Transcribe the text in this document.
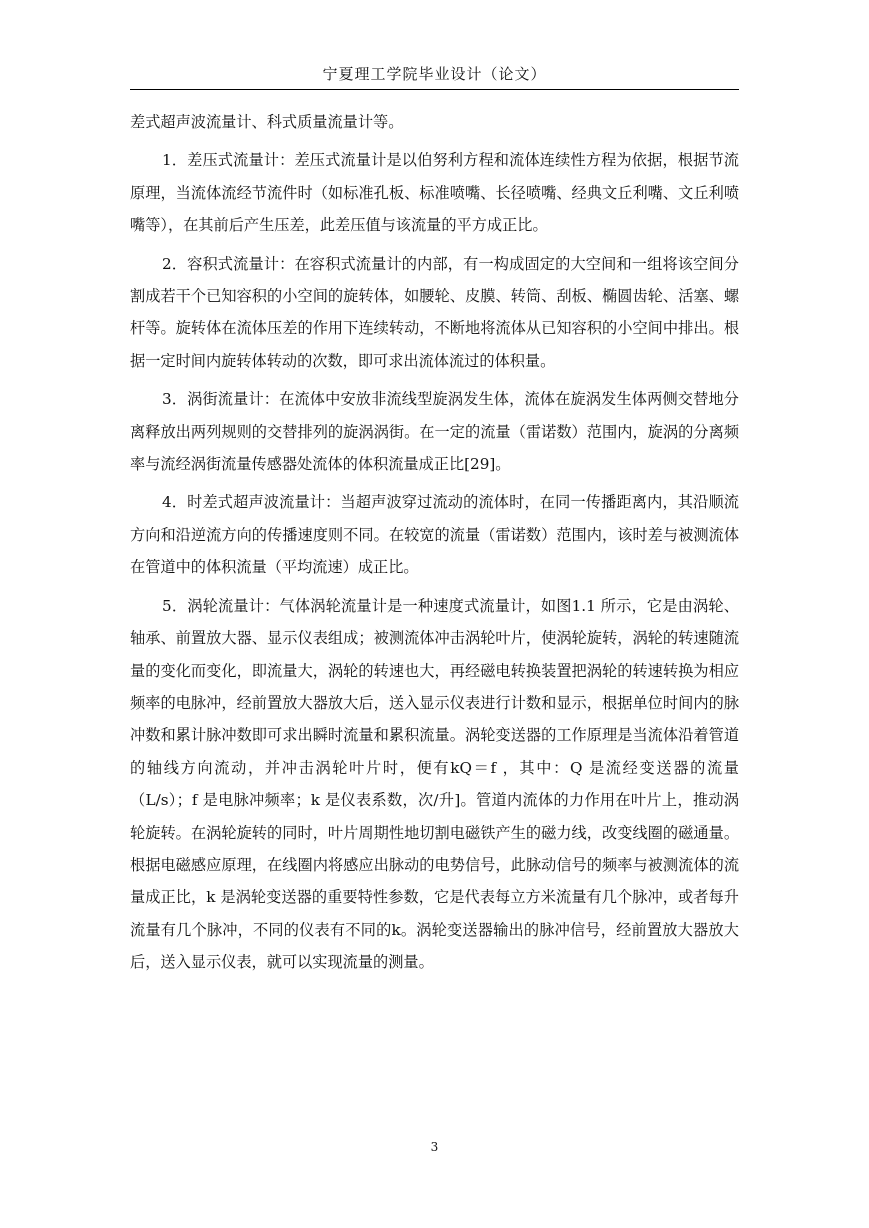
宁夏理工学院毕业设计（论文）

差式超声波流量计、科式质量流量计等。

1．差压式流量计：差压式流量计是以伯努利方程和流体连续性方程为依据，根据节流原理，当流体流经节流件时（如标准孔板、标准喷嘴、长径喷嘴、经典文丘利嘴、文丘利喷嘴等），在其前后产生压差，此差压值与该流量的平方成正比。

2．容积式流量计：在容积式流量计的内部，有一构成固定的大空间和一组将该空间分割成若干个已知容积的小空间的旋转体，如腰轮、皮膜、转筒、刮板、椭圆齿轮、活塞、螺杆等。旋转体在流体压差的作用下连续转动，不断地将流体从已知容积的小空间中排出。根据一定时间内旋转体转动的次数，即可求出流体流过的体积量。

3．涡街流量计：在流体中安放非流线型旋涡发生体，流体在旋涡发生体两侧交替地分离释放出两列规则的交替排列的旋涡涡街。在一定的流量（雷诺数）范围内，旋涡的分离频率与流经涡街流量传感器处流体的体积流量成正比[29]。

4．时差式超声波流量计：当超声波穿过流动的流体时，在同一传播距离内，其沿顺流方向和沿逆流方向的传播速度则不同。在较宽的流量（雷诺数）范围内，该时差与被测流体在管道中的体积流量（平均流速）成正比。

5．涡轮流量计：气体涡轮流量计是一种速度式流量计，如图1.1 所示，它是由涡轮、轴承、前置放大器、显示仪表组成；被测流体冲击涡轮叶片，使涡轮旋转，涡轮的转速随流量的变化而变化，即流量大，涡轮的转速也大，再经磁电转换装置把涡轮的转速转换为相应频率的电脉冲，经前置放大器放大后，送入显示仪表进行计数和显示，根据单位时间内的脉冲数和累计脉冲数即可求出瞬时流量和累积流量。涡轮变送器的工作原理是当流体沿着管道的轴线方向流动，并冲击涡轮叶片时，便有kQ＝f ，其中：Q 是流经变送器的流量（L/s）；f 是电脉冲频率；k 是仪表系数，次/升]。管道内流体的力作用在叶片上，推动涡轮旋转。在涡轮旋转的同时，叶片周期性地切割电磁铁产生的磁力线，改变线圈的磁通量。根据电磁感应原理，在线圈内将感应出脉动的电势信号，此脉动信号的频率与被测流体的流量成正比，k 是涡轮变送器的重要特性参数，它是代表每立方米流量有几个脉冲，或者每升流量有几个脉冲，不同的仪表有不同的k。涡轮变送器输出的脉冲信号，经前置放大器放大后，送入显示仪表，就可以实现流量的测量。

3
